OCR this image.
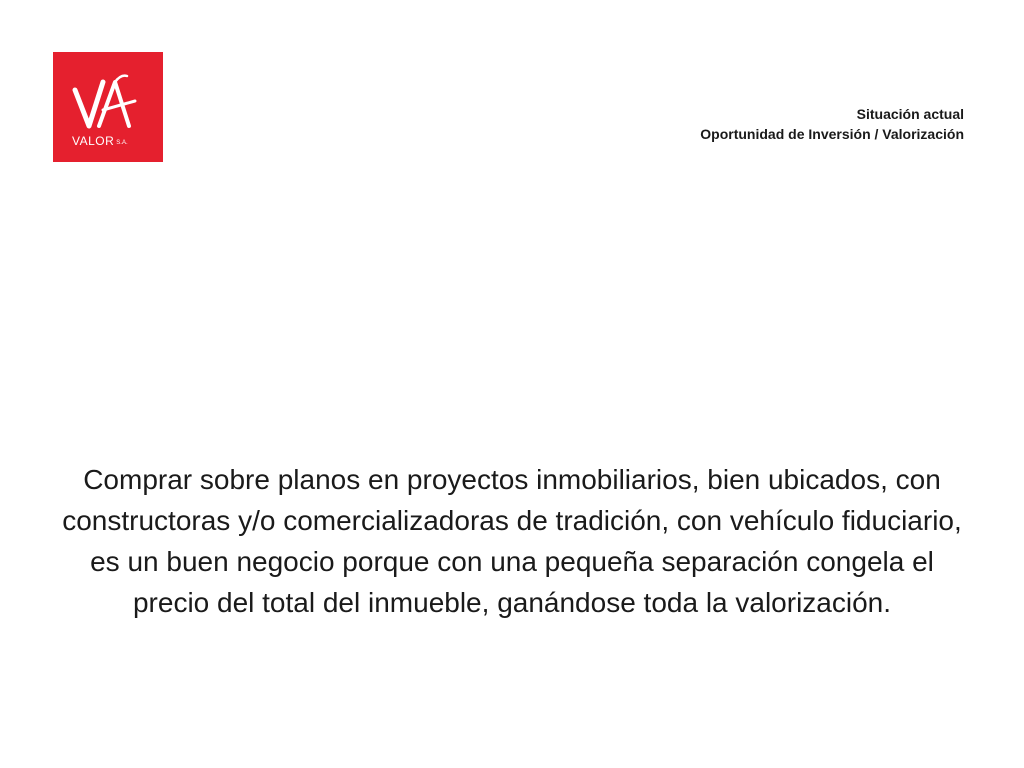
VALOR S.A.
Situación actual
Oportunidad de Inversión / Valorización
Comprar sobre planos en proyectos inmobiliarios, bien ubicados, con constructoras y/o comercializadoras de tradición, con vehículo fiduciario, es un buen negocio porque con una pequeña separación congela el precio del total del inmueble, ganándose toda la valorización.
